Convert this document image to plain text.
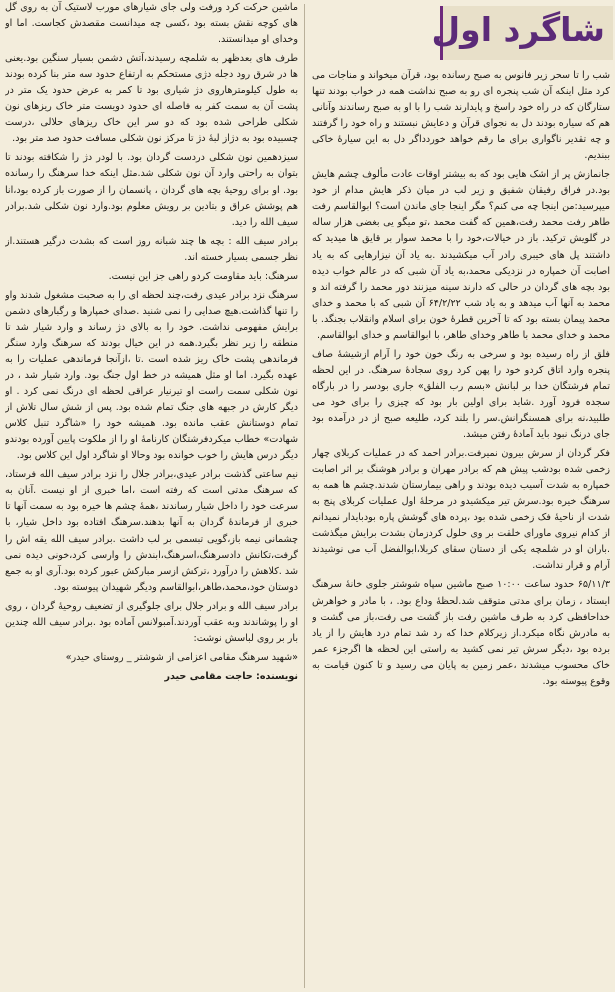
شاگرد اول

شب را تا سحر زیر فانوس به صبح رسانده بود، قرآن میخواند و مناجات می کرد مثل اینکه آن شب پنجره ای رو به صبح نداشت همه در خواب بودند تنها ستارگان که در راه خود راسخ و پایدارند شب را با او به صبح رساندند وآنانی هم که سیاره بودند دل به نجوای قرآن و دعایش نبستند و راه خود را گرفتند و چه تقدیر ناگواری برای ما رقم خواهد خوردداگر دل به این سیارهٔ خاکی ببندیم.

جانمازش پر از اشک هایی بود که به بیشتر اوقات عادت مألوف چشم هایش بود.در فراق رفیقان شفیق و زیر لب در میان ذکر هایش مدام از خود میپرسید:من اینجا چه می کنم؟ مگر اینجا جای ماندن است؟ ابوالقاسم رفت طاهر رفت محمد رفت،همین که گفت محمد ،تو میگو یی بغضی هزار ساله در گلویش ترکید. باز در خیالات،خود را با محمد سوار بر قایق ها میدید که داشتند پل های خیبری رادر آب میکشیدند .به یاد آن نیزارهایی که به یاد اصابت آن خمپاره در نزدیکی محمد،به یاد آن شبی که در عالم خواب دیده بود بچه های گردان در حالی که دارند سینه میزنند دور محمد را گرفته اند و محمد به آنها آب میدهد و به یاد شب ۶۴/۲/۲۲ آن شبی که با محمد و خدای محمد پیمان بسته بود که تا آخرین قطرهٔ خون برای اسلام وانقلاب بجنگد. با محمد و خدای محمد با طاهر وخدای طاهر، با ابوالقاسم و خدای ابوالقاسم.

فلق از راه رسیده بود و سرخی به رنگ خون خود را آرام ازشیشهٔ صاف پنجره وارد اتاق کردو خود را پهن کرد روی سجادهٔ سرهنگ. در این لحظه تمام فرشتگان خدا بر لبانش «بسم رب الفلق» جاری بودسر را در بارگاه سجده فرود آورد .شاید برای اولین بار بود که چیزی را برای خود می طلبید،نه برای همسنگرانش.سر را بلند کرد، طلیعه صبح از در درآمده بود جای درنگ نبود باید آمادهٔ رفتن میشد.

فکر گردان از سرش بیرون نمیرفت.برادر احمد که در عملیات کربلای چهار زخمی شده بودشب پیش هم که برادر مهران و برادر هوشنگ بر اثر اصابت خمپاره به شدت آسیب دیده بودند و راهی بیمارستان شدند.چشم ها همه به سرهنگ خیره بود.سرش تیر میکشیدو در مرحلهٔ اول عملیات کربلای پنج به شدت از ناحیهٔ فک زخمی شده بود ،پرده های گوشش پاره بودبایدار نمیدانم از کدام نیروی ماورای خلقت بر وی حلول کردزمان بشدت برایش میگذشت .باران او در شلمچه یکی از دستان سقای کربلا،ابوالفضل آب می نوشیدند آرام و قرار نداشت.

۶۵/۱۱/۳ حدود ساعت ۱۰:۰۰ صبح ماشین سپاه شوشتر جلوی خانهٔ سرهنگ ایستاد ، زمان برای مدتی متوقف شد.لحظهٔ وداع بود. ، با مادر و خواهرش خداحافظی کرد به طرف ماشین رفت باز گشت می رفت،باز می گشت و به مادرش نگاه میکرد.از زیرکلام خدا که رد شد تمام درد هایش را از یاد برده بود ،دیگر سرش تیر نمی کشید به راستی این لحظه ها اگرجزء عمر خاک محسوب میشدند ،عمر زمین به پایان می رسید و تا کنون قیامت به وقوع پیوسته بود.

ماشین حرکت کرد ورفت ولی جای شیارهای مورب لاستیک آن به روی گل های کوچه نقش بسته بود ،کسی چه میدانست مقصدش کجاست. اما او وخدای او میدانستند.

طرف های بعدظهر به شلمچه رسیدند،آتش دشمن بسیار سنگین بود.یعنی ها در شرق رود دجله دژی مستحکم به ارتفاع حدود سه متر بنا کرده بودند به طول کیلومترهاروی دژ شیاری بود تا کمر به عرض حدود یک متر در پشت آن به سمت کفر به فاصله ای حدود دویست متر خاک ریزهای نون شکلی طراحی شده بود که دو سر این خاک ریزهای حلالی ،درست چسبیده بود به دژاز لبهٔ دژ تا مرکز نون شکلی مسافت حدود صد متر بود.

سیزدهمین نون شکلی دردست گردان بود. با لودر دژ را شکافته بودند تا بتوان به راحتی وارد آن نون شکلی شد.مثل اینکه خدا سرهنگ را رسانده بود. او برای روحیهٔ بچه های گردان ، پانسمان را از صورت باز کرده بود،انا هم پوشش عراق و بتادین بر رویش معلوم بود.وارد نون شکلی شد.برادر سیف الله را دید.

برادر سیف الله : بچه ها چند شبانه روز است که بشدت درگیر هستند.از نظر جسمی بسیار خسته اند.

سرهنگ: باید مقاومت کردو راهی جز این نیست.

سرهنگ نزد برادر عیدی رفت،چند لحظه ای را به صحبت مشغول شدند واو را تنها گذاشت.هیچ صدایی را نمی شنید .صدای خمپارها و رگبارهای دشمن برایش مفهومی نداشت. خود را به بالای دژ رساند و وارد شیار شد تا منطقه را زیر نظر بگیرد.همه در این خیال بودند که سرهنگ وارد سنگر فرماندهی پشت خاک ریز شده است .تا ،ازآنجا فرماندهی عملیات را به عهده بگیرد. اما او مثل همیشه در خط اول جنگ بود. وارد شیار شد ، در نون شکلی سمت راست او تیرنیار عراقی لحظه ای درنگ نمی کرد . او دیگر کارش در جبهه های جنگ تمام شده بود. پس از شش سال تلاش از تمام دوستانش عقب مانده بود. همیشه خود را «شاگرد تنبل کلاس شهادت» خطاب میکردفرشتگان کارنامهٔ او را از ملکوت پایین آورده بودندو دیگر درس هایش را خوب خوانده بود وحالا او شاگرد اول این کلاس بود.

نیم ساعتی گذشت برادر عیدی،برادر جلال را نزد برادر سیف الله فرستاد، که سرهنگ مدتی است که رفته است ،اما خبری از او نیست .آنان به سرعت خود را داخل شیار رساندند ،همهٔ چشم ها خیره بود به سمت آنها تا خبری از فرماندهٔ گردان به آنها بدهند.سرهنگ افتاده بود داخل شیار، با چشمانی نیمه باز،گویی تبسمی بر لب داشت .برادر سیف الله یقه اش را گرفت،تکانش دادسرهنگ،اسرهنگ،ابندش را وارسی کرد،خونی دیده نمی شد .کلاهش را درآورد ،ترکش ازسر مبارکش عبور کرده بود.آری او به جمع دوستان خود،محمد،طاهر،ابوالقاسم ودیگر شهیدان پیوسته بود.

برادر سیف الله و برادر جلال برای جلوگیری از تضعیف روحیهٔ گردان ، روی او را پوشاندند وبه عقب آوردند.آمبولانس آماده بود .برادر سیف الله چندین بار بر روی لباسش نوشت:

«شهید سرهنگ مقامی اعزامی از شوشتر _ روستای حیدر»

نویسنده: حاجت مقامی حیدر
